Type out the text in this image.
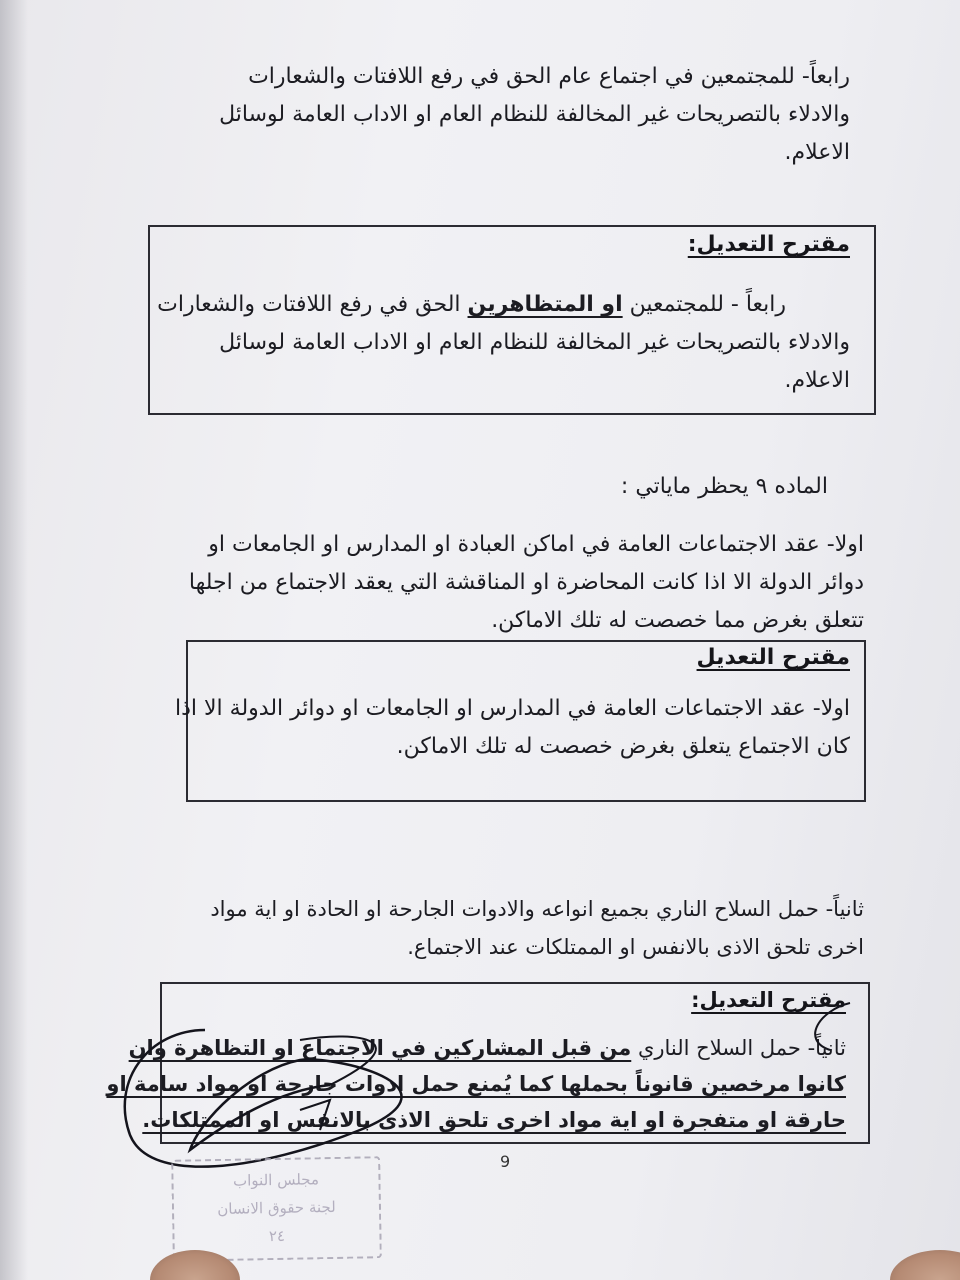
رابعاً- للمجتمعين في اجتماع عام الحق في رفع اللافتات والشعارات
والادلاء بالتصريحات غير المخالفة للنظام العام او الاداب العامة لوسائل
الاعلام.
مقترح التعديل:
رابعاً - للمجتمعين او المتظاهرين الحق في رفع اللافتات والشعارات
والادلاء بالتصريحات غير المخالفة للنظام العام او الاداب العامة لوسائل
الاعلام.
الماده ٩ يحظر مایاتي :
اولا- عقد الاجتماعات العامة في اماكن العبادة او المدارس او الجامعات او
دوائر الدولة الا اذا كانت المحاضرة او المناقشة التي يعقد الاجتماع من اجلها
تتعلق بغرض مما خصصت له تلك الاماكن.
مقترح التعديل
اولا- عقد الاجتماعات العامة في المدارس او الجامعات او دوائر الدولة الا اذا
كان الاجتماع يتعلق بغرض خصصت له تلك الاماكن.
ثانياً- حمل السلاح الناري بجميع انواعه والادوات الجارحة او الحادة او اية مواد
اخرى تلحق الاذى بالانفس او الممتلكات عند الاجتماع.
مقترح التعديل:
ثانياً- حمل السلاح الناري من قبل المشاركين في الاجتماع او التظاهرة وان
كانوا مرخصين قانوناً بحملها كما يُمنع حمل ادوات جارحة او مواد سامة او
حارقة او متفجرة او اية مواد اخرى تلحق الاذى بالانفس او الممتلكات.
9
مجلس النواب
لجنة حقوق الانسان
٢٤
